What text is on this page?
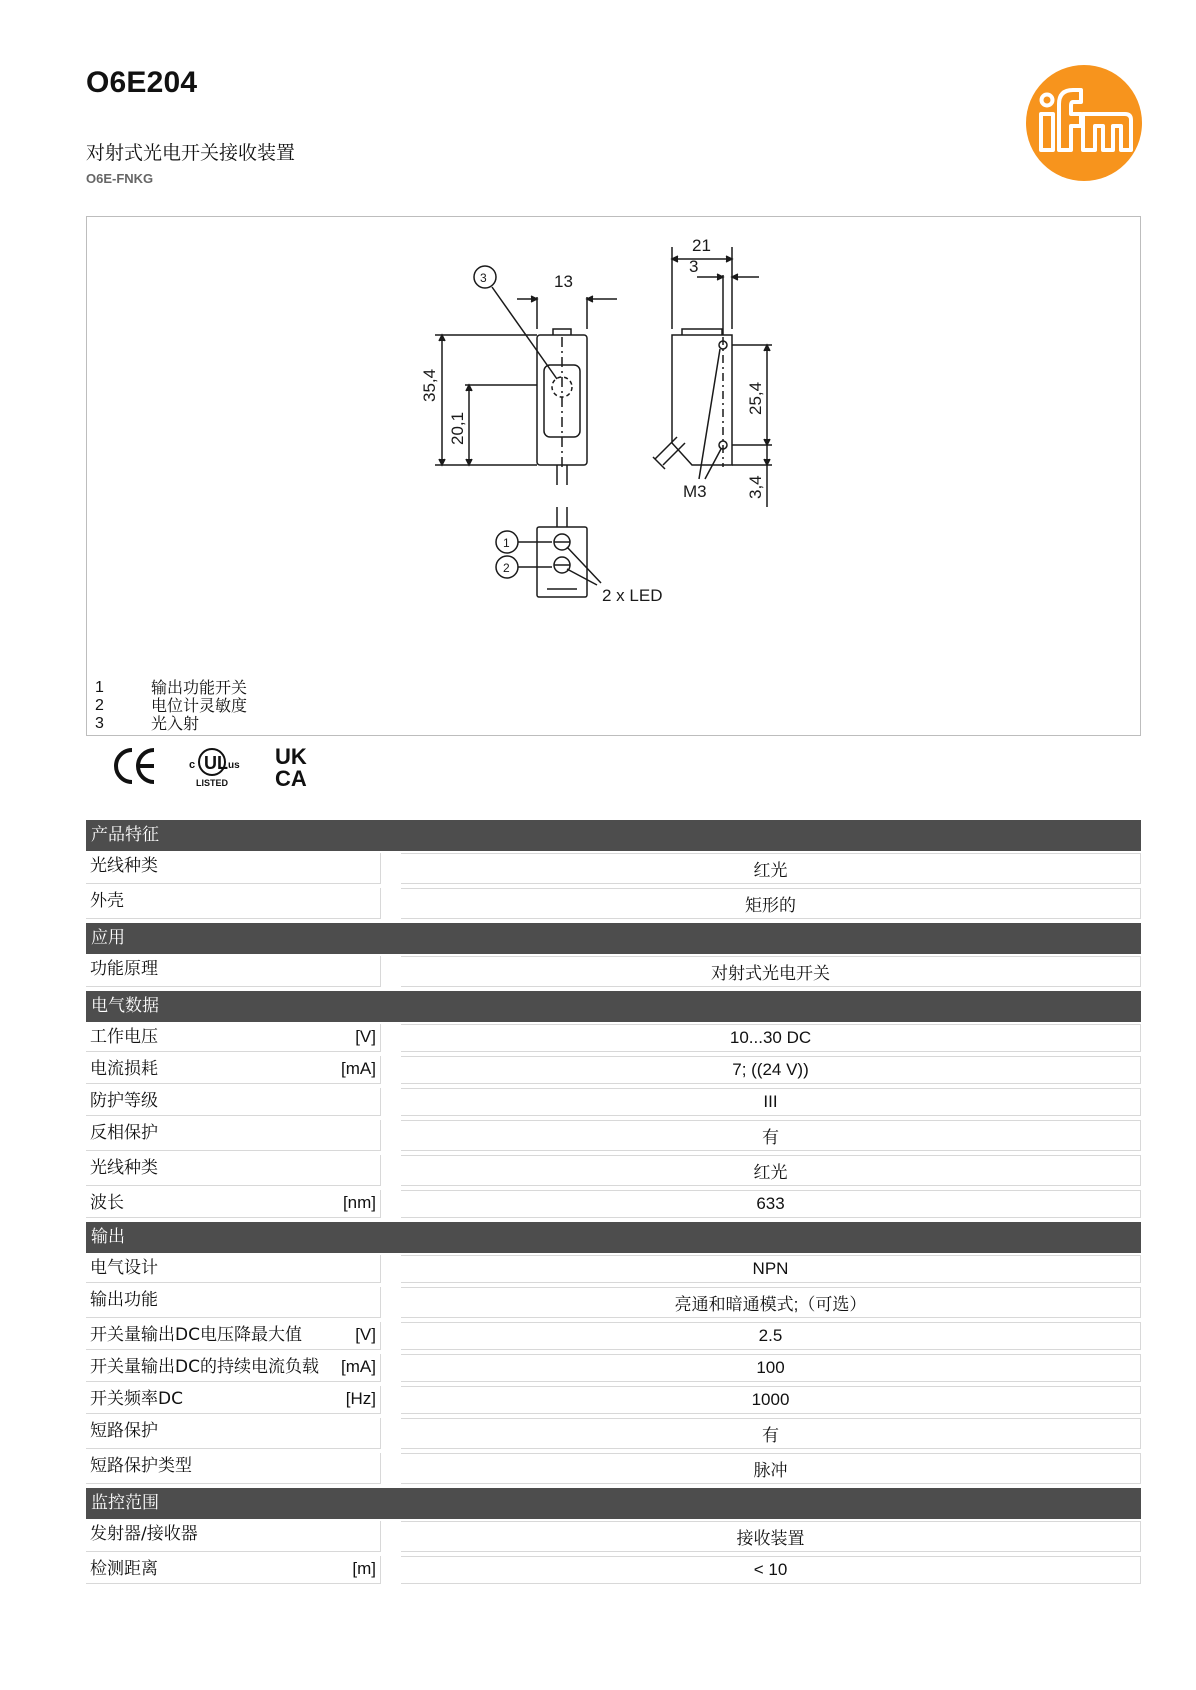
O6E204
对射式光电开关接收装置
O6E-FNKG
13
21
3
3
35,4
20,1
25,4
3,4
M3
1
2
2 x LED
1	输出功能开关
2	电位计灵敏度
3	光入射
UL
c	us
LISTED
UK
CA
产品特征
光线种类	红光
外壳	矩形的
应用
功能原理	对射式光电开关
电气数据
工作电压	[V]	10...30 DC
电流损耗	[mA]	7; ((24 V))
防护等级	III
反相保护	有
光线种类	红光
波长	[nm]	633
输出
电气设计	NPN
输出功能	亮通和暗通模式;（可选）
开关量输出DC电压降最大值	[V]	2.5
开关量输出DC的持续电流负载 [mA]	100
开关频率DC	[Hz]	1000
短路保护	有
短路保护类型	脉冲
监控范围
发射器/接收器	接收装置
检测距离	[m]	< 10
